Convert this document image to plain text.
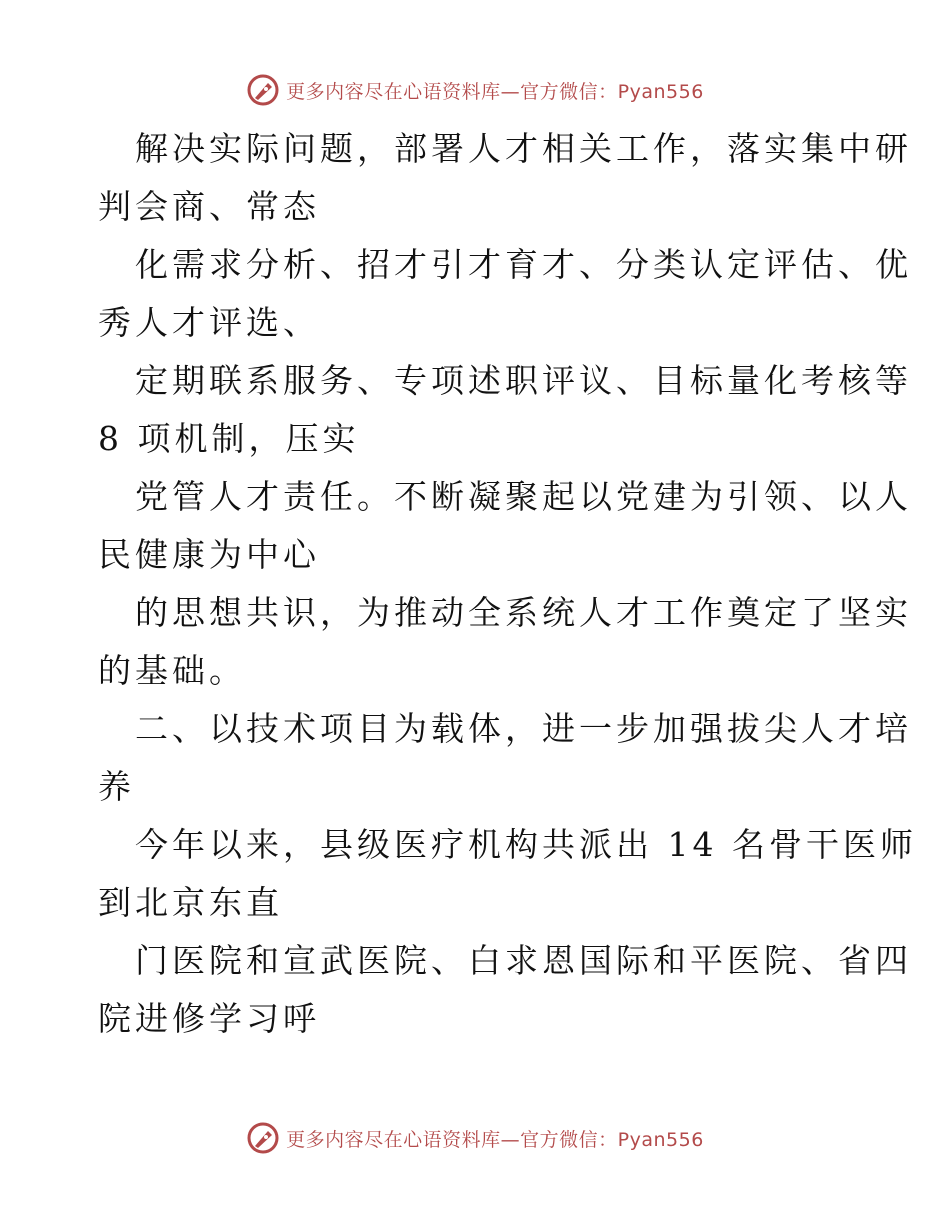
更多内容尽在心语资料库—官方微信：Pyan556

解决实际问题，部署人才相关工作，落实集中研

判会商、常态

化需求分析、招才引才育才、分类认定评估、优

秀人才评选、

定期联系服务、专项述职评议、目标量化考核等

8 项机制，压实

党管人才责任。不断凝聚起以党建为引领、以人

民健康为中心

的思想共识，为推动全系统人才工作奠定了坚实

的基础。

二、以技术项目为载体，进一步加强拔尖人才培

养

今年以来，县级医疗机构共派出 14 名骨干医师

到北京东直

门医院和宣武医院、白求恩国际和平医院、省四

院进修学习呼

更多内容尽在心语资料库—官方微信：Pyan556
